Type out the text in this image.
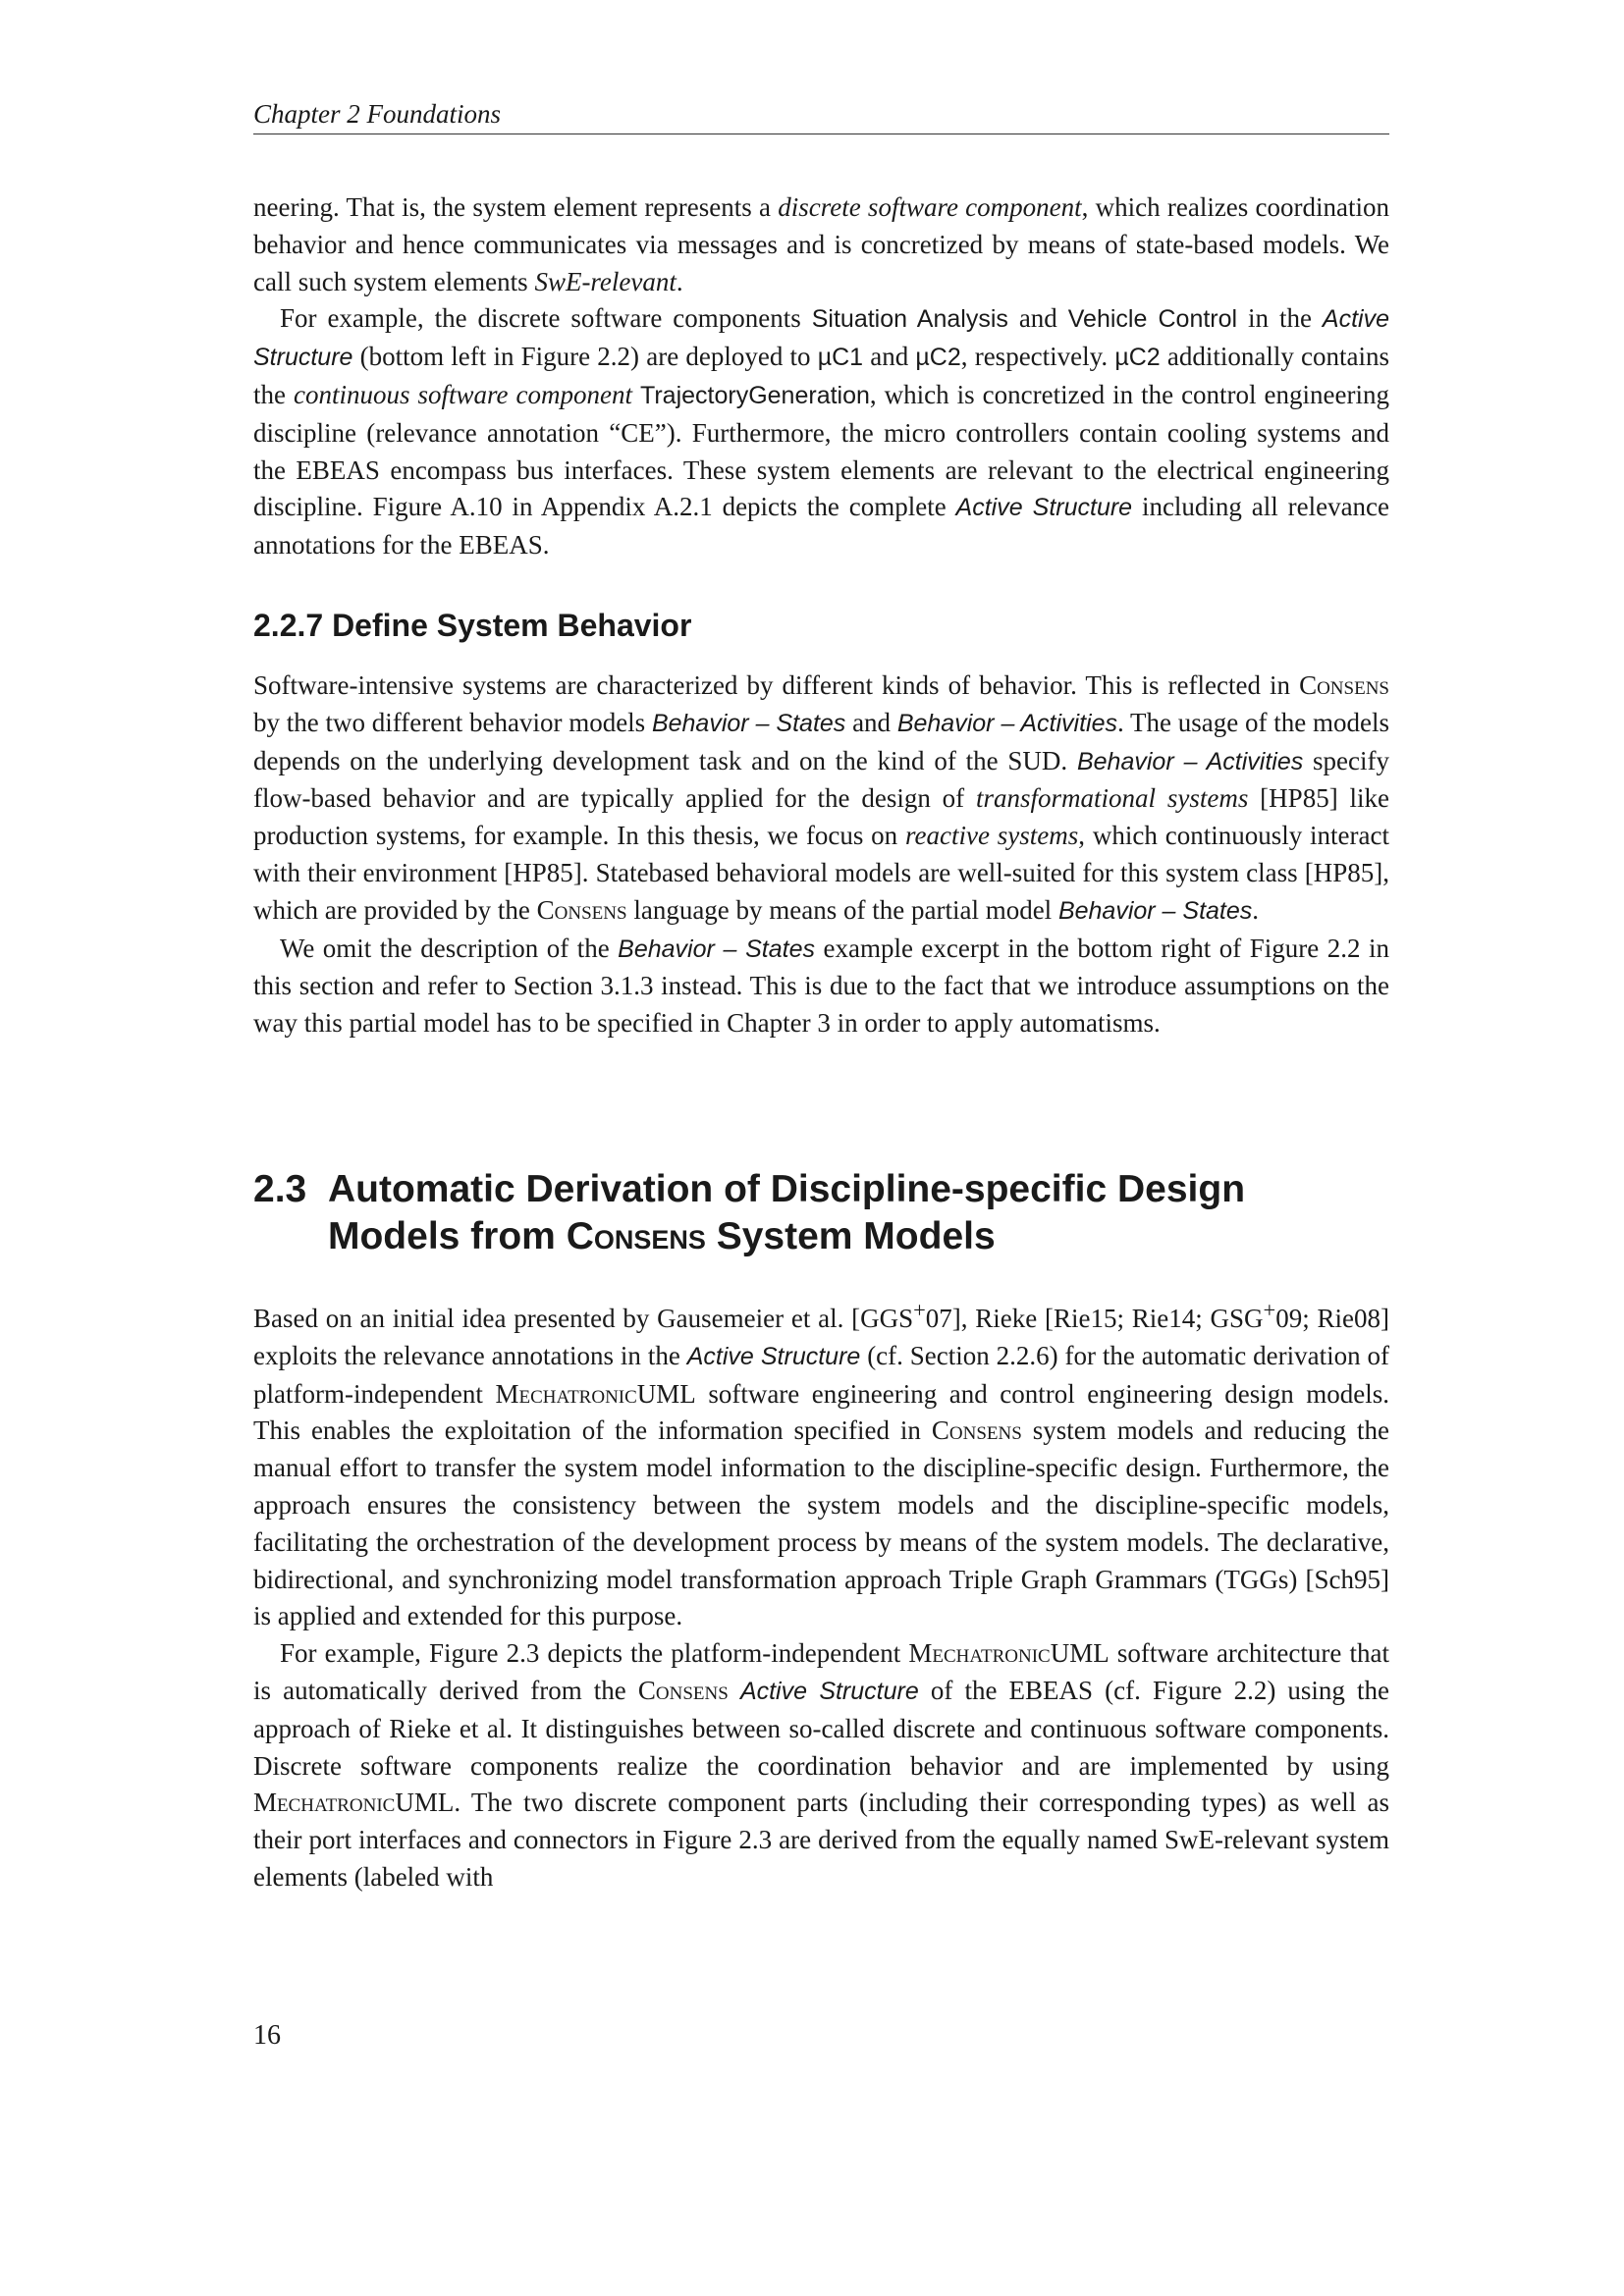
Chapter 2 Foundations

neering. That is, the system element represents a discrete software component, which realizes coordination behavior and hence communicates via messages and is concretized by means of state-based models. We call such system elements SwE-relevant.

For example, the discrete software components Situation Analysis and Vehicle Control in the Active Structure (bottom left in Figure 2.2) are deployed to µC1 and µC2, respectively. µC2 additionally contains the continuous software component TrajectoryGeneration, which is concretized in the control engineering discipline (relevance annotation “CE”). Furthermore, the micro controllers contain cooling systems and the EBEAS encompass bus interfaces. These system elements are relevant to the electrical engineering discipline. Figure A.10 in Appendix A.2.1 depicts the complete Active Structure including all relevance annotations for the EBEAS.

2.2.7 Define System Behavior

Software-intensive systems are characterized by different kinds of behavior. This is reflected in Consens by the two different behavior models Behavior – States and Behavior – Activities. The usage of the models depends on the underlying development task and on the kind of the SUD. Behavior – Activities specify flow-based behavior and are typically applied for the design of transformational systems [HP85] like production systems, for example. In this thesis, we focus on reactive systems, which continuously interact with their environment [HP85]. Statebased behavioral models are well-suited for this system class [HP85], which are provided by the Consens language by means of the partial model Behavior – States.

We omit the description of the Behavior – States example excerpt in the bottom right of Figure 2.2 in this section and refer to Section 3.1.3 instead. This is due to the fact that we introduce assumptions on the way this partial model has to be specified in Chapter 3 in order to apply automatisms.

2.3 Automatic Derivation of Discipline-specific Design
Models from Consens System Models

Based on an initial idea presented by Gausemeier et al. [GGS+07], Rieke [Rie15; Rie14; GSG+09; Rie08] exploits the relevance annotations in the Active Structure (cf. Section 2.2.6) for the automatic derivation of platform-independent MechatronicUML software engineering and control engineering design models. This enables the exploitation of the information specified in Consens system models and reducing the manual effort to transfer the system model information to the discipline-specific design. Furthermore, the approach ensures the consistency between the system models and the discipline-specific models, facilitating the orchestration of the development process by means of the system models. The declarative, bidirectional, and synchronizing model transformation approach Triple Graph Grammars (TGGs) [Sch95] is applied and extended for this purpose.

For example, Figure 2.3 depicts the platform-independent MechatronicUML software architecture that is automatically derived from the Consens Active Structure of the EBEAS (cf. Figure 2.2) using the approach of Rieke et al. It distinguishes between so-called discrete and continuous software components. Discrete software components realize the coordination behavior and are implemented by using MechatronicUML. The two discrete component parts (including their corresponding types) as well as their port interfaces and connectors in Figure 2.3 are derived from the equally named SwE-relevant system elements (labeled with

16
